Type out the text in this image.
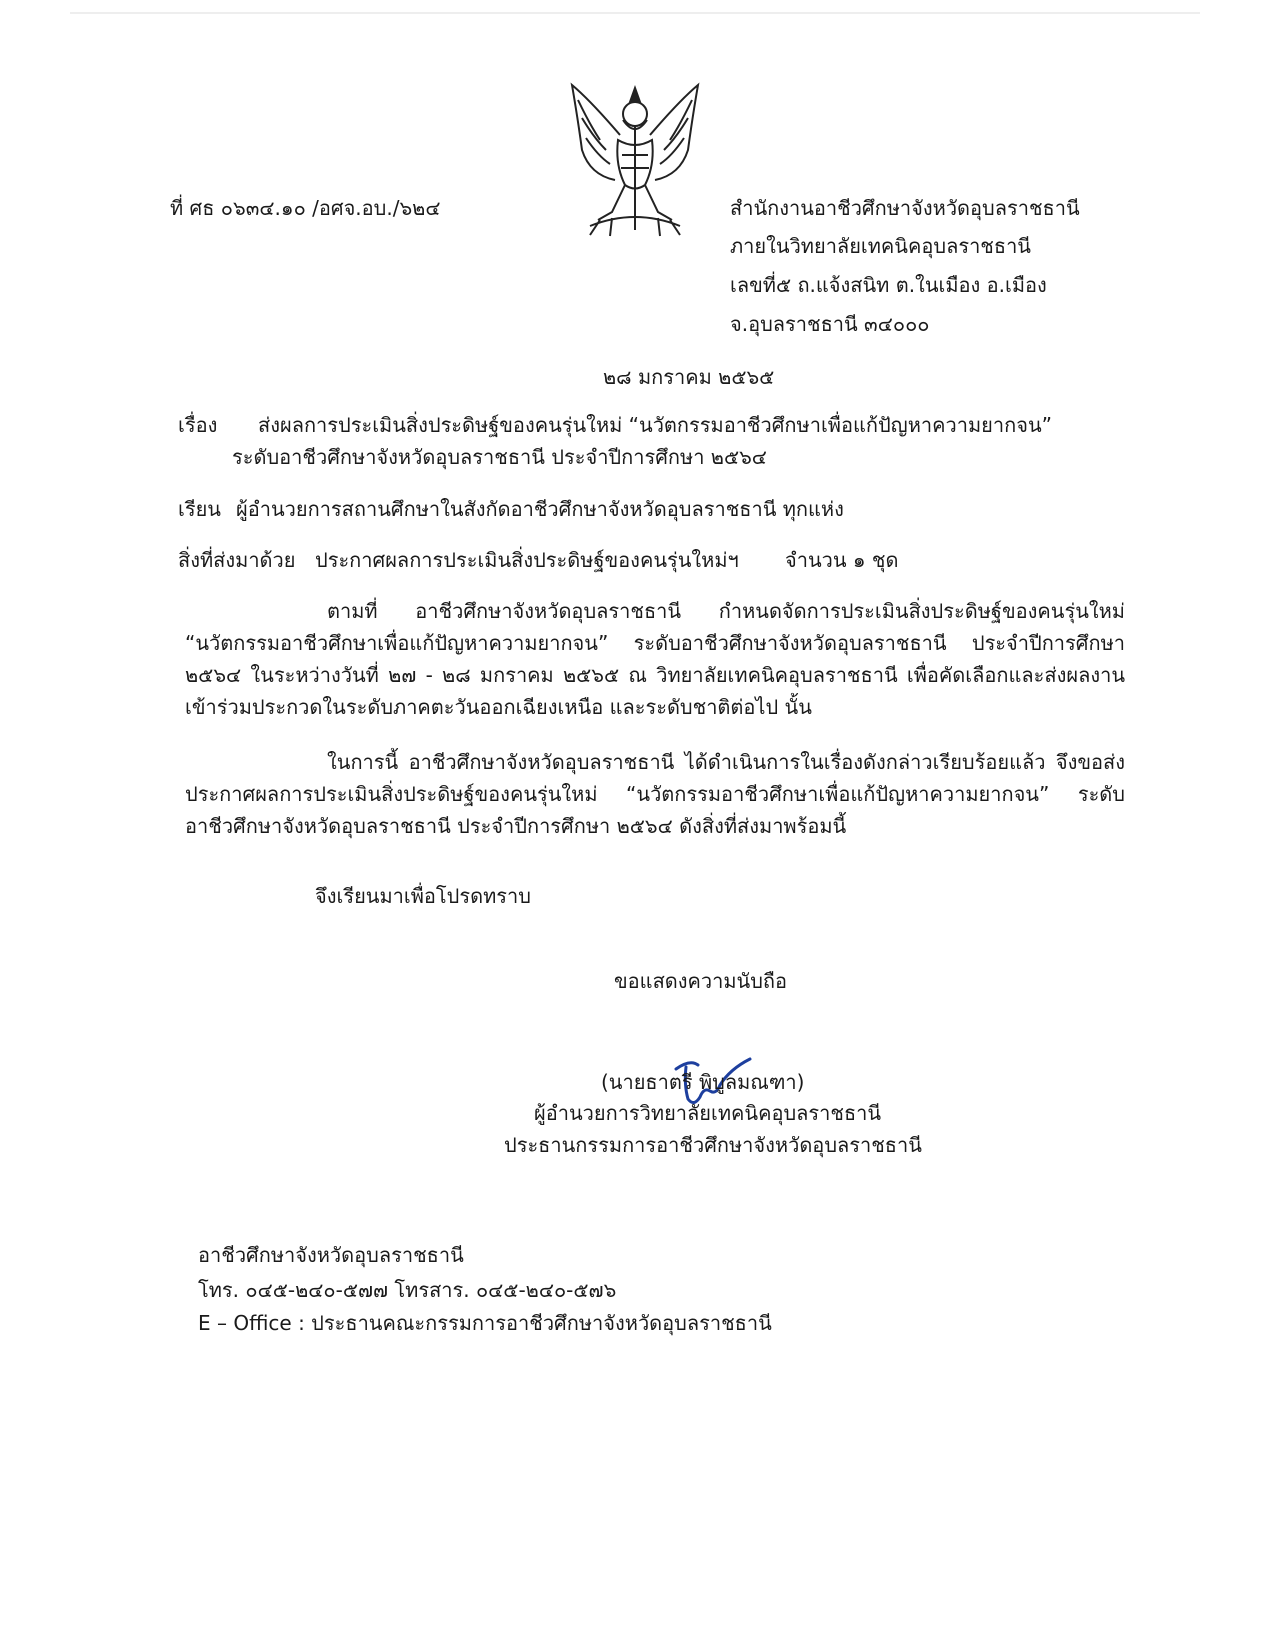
ที่ ศธ ๐๖๓๔.๑๐ /อศจ.อบ./๖๒๔	สำนักงานอาชีวศึกษาจังหวัดอุบลราชธานี
ภายในวิทยาลัยเทคนิคอุบลราชธานี
เลขที่๕ ถ.แจ้งสนิท ต.ในเมือง อ.เมือง
จ.อุบลราชธานี ๓๔๐๐๐
๒๘ มกราคม ๒๕๖๕
เรื่อง ส่งผลการประเมินสิ่งประดิษฐ์ของคนรุ่นใหม่ “นวัตกรรมอาชีวศึกษาเพื่อแก้ปัญหาความยากจน”
ระดับอาชีวศึกษาจังหวัดอุบลราชธานี ประจำปีการศึกษา ๒๕๖๔
เรียน ผู้อำนวยการสถานศึกษาในสังกัดอาชีวศึกษาจังหวัดอุบลราชธานี ทุกแห่ง
สิ่งที่ส่งมาด้วย ประกาศผลการประเมินสิ่งประดิษฐ์ของคนรุ่นใหม่ฯ จำนวน ๑ ชุด
ตามที่ อาชีวศึกษาจังหวัดอุบลราชธานี กำหนดจัดการประเมินสิ่งประดิษฐ์ของคนรุ่นใหม่ “นวัตกรรมอาชีวศึกษาเพื่อแก้ปัญหาความยากจน” ระดับอาชีวศึกษาจังหวัดอุบลราชธานี ประจำปีการศึกษา ๒๕๖๔ ในระหว่างวันที่ ๒๗ - ๒๘ มกราคม ๒๕๖๕ ณ วิทยาลัยเทคนิคอุบลราชธานี เพื่อคัดเลือกและส่งผลงานเข้าร่วมประกวดในระดับภาคตะวันออกเฉียงเหนือ และระดับชาติต่อไป นั้น
ในการนี้ อาชีวศึกษาจังหวัดอุบลราชธานี ได้ดำเนินการในเรื่องดังกล่าวเรียบร้อยแล้ว จึงขอส่งประกาศผลการประเมินสิ่งประดิษฐ์ของคนรุ่นใหม่ “นวัตกรรมอาชีวศึกษาเพื่อแก้ปัญหาความยากจน” ระดับอาชีวศึกษาจังหวัดอุบลราชธานี ประจำปีการศึกษา ๒๕๖๔ ดังสิ่งที่ส่งมาพร้อมนี้
จึงเรียนมาเพื่อโปรดทราบ
ขอแสดงความนับถือ
(นายธาตรี พิบูลมณฑา)
ผู้อำนวยการวิทยาลัยเทคนิคอุบลราชธานี
ประธานกรรมการอาชีวศึกษาจังหวัดอุบลราชธานี
อาชีวศึกษาจังหวัดอุบลราชธานี
โทร. ๐๔๕-๒๔๐-๕๗๗ โทรสาร. ๐๔๕-๒๔๐-๕๗๖
E – Office : ประธานคณะกรรมการอาชีวศึกษาจังหวัดอุบลราชธานี
